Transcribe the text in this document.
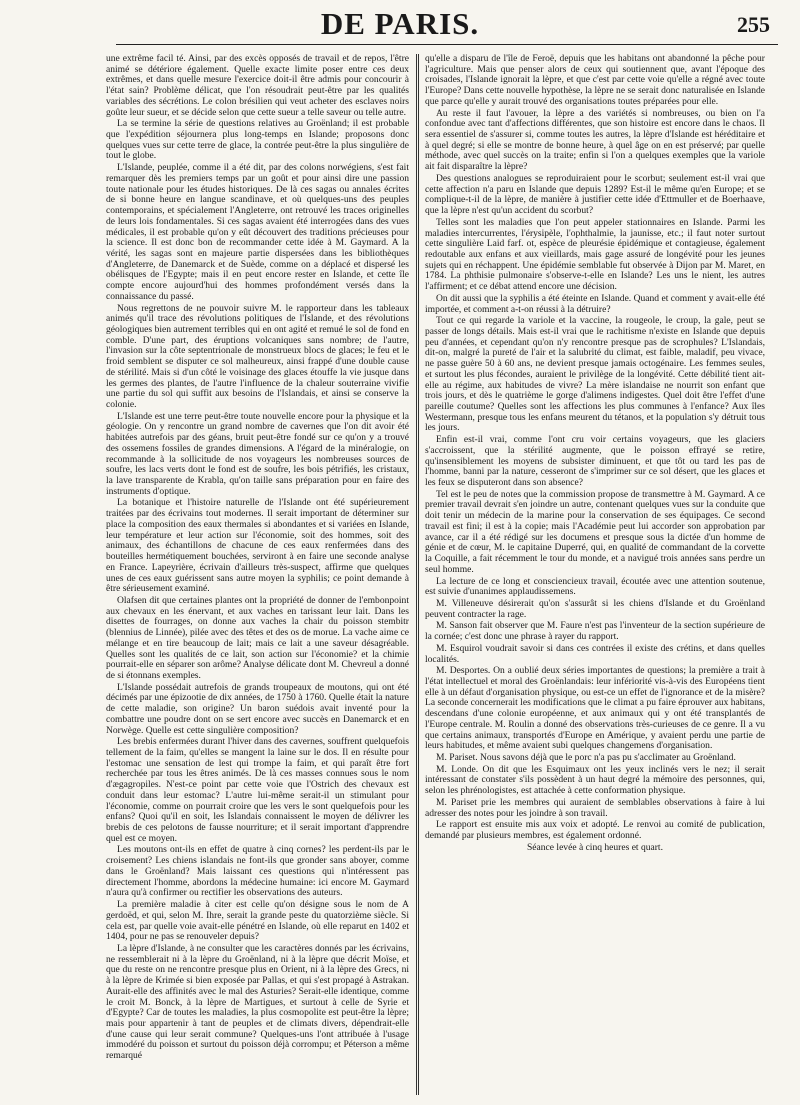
DE PARIS.	255

une extrême facil té. Ainsi, par des excès opposés de travail et de repos, l'être animé se détériore également. Quelle exacte limite poser entre ces deux extrêmes, et dans quelle mesure l'exercice doit-il être admis pour concourir à l'état sain? Problème délicat, que l'on résoudrait peut-être par les qualités variables des sécrétions. Le colon brésilien qui veut acheter des esclaves noirs goûte leur sueur, et se décide selon que cette sueur a telle saveur ou telle autre.

La se termine la série de questions relatives au Groënland; il est probable que l'expédition séjournera plus long-temps en Islande; proposons donc quelques vues sur cette terre de glace, la contrée peut-être la plus singulière de tout le globe.

L'Islande, peuplée, comme il a été dit, par des colons norwégiens, s'est fait remarquer dès les premiers temps par un goût et pour ainsi dire une passion toute nationale pour les études historiques. De là ces sagas ou annales écrites de si bonne heure en langue scandinave, et où quelques-uns des peuples contemporains, et spécialement l'Angleterre, ont retrouvé les traces originelles de leurs lois fondamentales. Si ces sagas avaient été interrogées dans des vues médicales, il est probable qu'on y eût découvert des traditions précieuses pour la science. Il est donc bon de recommander cette idée à M. Gaymard. A la vérité, les sagas sont en majeure partie dispersées dans les bibliothèques d'Angleterre, de Danemarck et de Suède, comme on a déplacé et dispersé les obélisques de l'Egypte; mais il en peut encore rester en Islande, et cette île compte encore aujourd'hui des hommes profondément versés dans la connaissance du passé.

Nous regrettons de ne pouvoir suivre M. le rapporteur dans les tableaux animés qu'il trace des révolutions politiques de l'Islande, et des révolutions géologiques bien autrement terribles qui en ont agité et remué le sol de fond en comble. D'une part, des éruptions volcaniques sans nombre; de l'autre, l'invasion sur la côte septentrionale de monstrueux blocs de glaces; le feu et le froid semblent se disputer ce sol malheureux, ainsi frappé d'une double cause de stérilité. Mais si d'un côté le voisinage des glaces étouffe la vie jusque dans les germes des plantes, de l'autre l'influence de la chaleur souterraine vivifie une partie du sol qui suffit aux besoins de l'Islandais, et ainsi se conserve la colonie.

L'Islande est une terre peut-être toute nouvelle encore pour la physique et la géologie. On y rencontre un grand nombre de cavernes que l'on dit avoir été habitées autrefois par des géans, bruit peut-être fondé sur ce qu'on y a trouvé des ossemens fossiles de grandes dimensions. A l'égard de la minéralogie, on recommande à la sollicitude de nos voyageurs les nombreuses sources de soufre, les lacs verts dont le fond est de soufre, les bois pétrifiés, les cristaux, la lave transparente de Krabla, qu'on taille sans préparation pour en faire des instruments d'optique.

La botanique et l'histoire naturelle de l'Islande ont été supérieurement traitées par des écrivains tout modernes. Il serait important de déterminer sur place la composition des eaux thermales si abondantes et si variées en Islande, leur température et leur action sur l'économie, soit des hommes, soit des animaux, des échantillons de chacune de ces eaux renfermées dans des bouteilles hermétiquement bouchées, serviront à en faire une seconde analyse en France. Lapeyrière, écrivain d'ailleurs très-suspect, affirme que quelques unes de ces eaux guérissent sans autre moyen la syphilis; ce point demande à être sérieusement examiné.

Olafsen dit que certaines plantes ont la propriété de donner de l'embonpoint aux chevaux en les énervant, et aux vaches en tarissant leur lait. Dans les disettes de fourrages, on donne aux vaches la chair du poisson stembitr (blennius de Linnée), pilée avec des têtes et des os de morue. La vache aime ce mélange et en tire beaucoup de lait; mais ce lait a une saveur désagréable. Quelles sont les qualités de ce lait, son action sur l'économie? et la chimie pourrait-elle en séparer son arôme? Analyse délicate dont M. Chevreul a donné de si étonnans exemples.

L'Islande possédait autrefois de grands troupeaux de moutons, qui ont été décimés par une épizootie de dix années, de 1750 à 1760. Quelle était la nature de cette maladie, son origine? Un baron suédois avait inventé pour la combattre une poudre dont on se sert encore avec succès en Danemarck et en Norwège. Quelle est cette singulière composition?

Les brebis enfermées durant l'hiver dans des cavernes, souffrent quelquefois tellement de la faim, qu'elles se mangent la laine sur le dos. Il en résulte pour l'estomac une sensation de lest qui trompe la faim, et qui paraît être fort recherchée par tous les êtres animés. De là ces masses connues sous le nom d'ægagropiles. N'est-ce point par cette voie que l'Ostrich des chevaux est conduit dans leur estomac? L'autre lui-même serait-il un stimulant pour l'économie, comme on pourrait croire que les vers le sont quelquefois pour les enfans? Quoi qu'il en soit, les Islandais connaissent le moyen de délivrer les brebis de ces pelotons de fausse nourriture; et il serait important d'apprendre quel est ce moyen.

Les moutons ont-ils en effet de quatre à cinq cornes? les perdent-ils par le croisement? Les chiens islandais ne font-ils que gronder sans aboyer, comme dans le Groënland? Mais laissant ces questions qui n'intéressent pas directement l'homme, abordons la médecine humaine: ici encore M. Gaymard n'aura qu'à confirmer ou rectifier les observations des auteurs.

La première maladie à citer est celle qu'on désigne sous le nom de A gerdoëd, et qui, selon M. Ihre, serait la grande peste du quatorzième siècle. Si cela est, par quelle voie avait-elle pénétré en Islande, où elle reparut en 1402 et 1404, pour ne pas se renouveler depuis?

La lèpre d'Islande, à ne consulter que les caractères donnés par les écrivains, ne ressemblerait ni à la lèpre du Groënland, ni à la lèpre que décrit Moïse, et que du reste on ne rencontre presque plus en Orient, ni à la lèpre des Grecs, ni à la lèpre de Krimée si bien exposée par Pallas, et qui s'est propagé à Astrakan. Aurait-elle des affinités avec le mal des Asturies? Serait-elle identique, comme le croit M. Bonck, à la lèpre de Martigues, et surtout à celle de Syrie et d'Egypte? Car de toutes les maladies, la plus cosmopolite est peut-être la lèpre; mais pour appartenir à tant de peuples et de climats divers, dépendrait-elle d'une cause qui leur serait commune? Quelques-uns l'ont attribuée à l'usage immodéré du poisson et surtout du poisson déjà corrompu; et Péterson a même remarqué

qu'elle a disparu de l'île de Feroë, depuis que les habitans ont abandonné la pêche pour l'agriculture. Mais que penser alors de ceux qui soutiennent que, avant l'époque des croisades, l'Islande ignorait la lèpre, et que c'est par cette voie qu'elle a régné avec toute l'Europe? Dans cette nouvelle hypothèse, la lèpre ne se serait donc naturalisée en Islande que parce qu'elle y aurait trouvé des organisations toutes préparées pour elle.

Au reste il faut l'avouer, la lèpre a des variétés si nombreuses, ou bien on l'a confondue avec tant d'affections différentes, que son histoire est encore dans le chaos. Il sera essentiel de s'assurer si, comme toutes les autres, la lèpre d'Islande est héréditaire et à quel degré; si elle se montre de bonne heure, à quel âge on en est préservé; par quelle méthode, avec quel succès on la traite; enfin si l'on a quelques exemples que la variole ait fait disparaître la lèpre?

Des questions analogues se reproduiraient pour le scorbut; seulement est-il vrai que cette affection n'a paru en Islande que depuis 1289? Est-il le même qu'en Europe; et se complique-t-il de la lèpre, de manière à justifier cette idée d'Ettmuller et de Boerhaave, que la lèpre n'est qu'un accident du scorbut?

Telles sont les maladies que l'on peut appeler stationnaires en Islande. Parmi les maladies intercurrentes, l'érysipèle, l'ophthalmie, la jaunisse, etc.; il faut noter surtout cette singulière Laid farf. ot, espèce de pleurésie épidémique et contagieuse, également redoutable aux enfans et aux vieillards, mais gage assuré de longévité pour les jeunes sujets qui en réchappent. Une épidémie semblable fut observée à Dijon par M. Maret, en 1784. La phthisie pulmonaire s'observe-t-elle en Islande? Les uns le nient, les autres l'affirment; et ce débat attend encore une décision.

On dit aussi que la syphilis a été éteinte en Islande. Quand et comment y avait-elle été importée, et comment a-t-on réussi à la détruire?

Tout ce qui regarde la variole et la vaccine, la rougeole, le croup, la gale, peut se passer de longs détails. Mais est-il vrai que le rachitisme n'existe en Islande que depuis peu d'années, et cependant qu'on n'y rencontre presque pas de scrophules? L'Islandais, dit-on, malgré la pureté de l'air et la salubrité du climat, est faible, maladif, peu vivace, ne passe guère 50 à 60 ans, ne devient presque jamais octogénaire. Les femmes seules, et surtout les plus fécondes, auraient le privilège de la longévité. Cette débilité tient ait-elle au régime, aux habitudes de vivre? La mère islandaise ne nourrit son enfant que trois jours, et dès le quatrième le gorge d'alimens indigestes. Quel doit être l'effet d'une pareille coutume? Quelles sont les affections les plus communes à l'enfance? Aux îles Westermann, presque tous les enfans meurent du tétanos, et la population s'y détruit tous les jours.

Enfin est-il vrai, comme l'ont cru voir certains voyageurs, que les glaciers s'accroissent, que la stérilité augmente, que le poisson effrayé se retire, qu'insensiblement les moyens de subsister diminuent, et que tôt ou tard les pas de l'homme, banni par la nature, cesseront de s'imprimer sur ce sol désert, que les glaces et les feux se disputeront dans son absence?

Tel est le peu de notes que la commission propose de transmettre à M. Gaymard. A ce premier travail devrait s'en joindre un autre, contenant quelques vues sur la conduite que doit tenir un médecin de la marine pour la conservation de ses équipages. Ce second travail est fini; il est à la copie; mais l'Académie peut lui accorder son approbation par avance, car il a été rédigé sur les documens et presque sous la dictée d'un homme de génie et de cœur, M. le capitaine Duperré, qui, en qualité de commandant de la corvette la Coquille, a fait récemment le tour du monde, et a navigué trois années sans perdre un seul homme.

La lecture de ce long et consciencieux travail, écoutée avec une attention soutenue, est suivie d'unanimes applaudissemens.

M. Villeneuve désirerait qu'on s'assurât si les chiens d'Islande et du Groënland peuvent contracter la rage.

M. Sanson fait observer que M. Faure n'est pas l'inventeur de la section supérieure de la cornée; c'est donc une phrase à rayer du rapport.

M. Esquirol voudrait savoir si dans ces contrées il existe des crétins, et dans quelles localités.

M. Desportes. On a oublié deux séries importantes de questions; la première a trait à l'état intellectuel et moral des Groënlandais: leur infériorité vis-à-vis des Européens tient elle à un défaut d'organisation physique, ou est-ce un effet de l'ignorance et de la misère? La seconde concernerait les modifications que le climat a pu faire éprouver aux habitans, descendans d'une colonie européenne, et aux animaux qui y ont été transplantés de l'Europe centrale. M. Roulin a donné des observations très-curieuses de ce genre. Il a vu que certains animaux, transportés d'Europe en Amérique, y avaient perdu une partie de leurs habitudes, et même avaient subi quelques changemens d'organisation.

M. Pariset. Nous savons déjà que le porc n'a pas pu s'acclimater au Groënland.

M. Londe. On dit que les Esquimaux ont les yeux inclinés vers le nez; il serait intéressant de constater s'ils possèdent à un haut degré la mémoire des personnes, qui, selon les phrénologistes, est attachée à cette conformation physique.

M. Pariset prie les membres qui auraient de semblables observations à faire à lui adresser des notes pour les joindre à son travail.

Le rapport est ensuite mis aux voix et adopté. Le renvoi au comité de publication, demandé par plusieurs membres, est également ordonné.

Séance levée à cinq heures et quart.
